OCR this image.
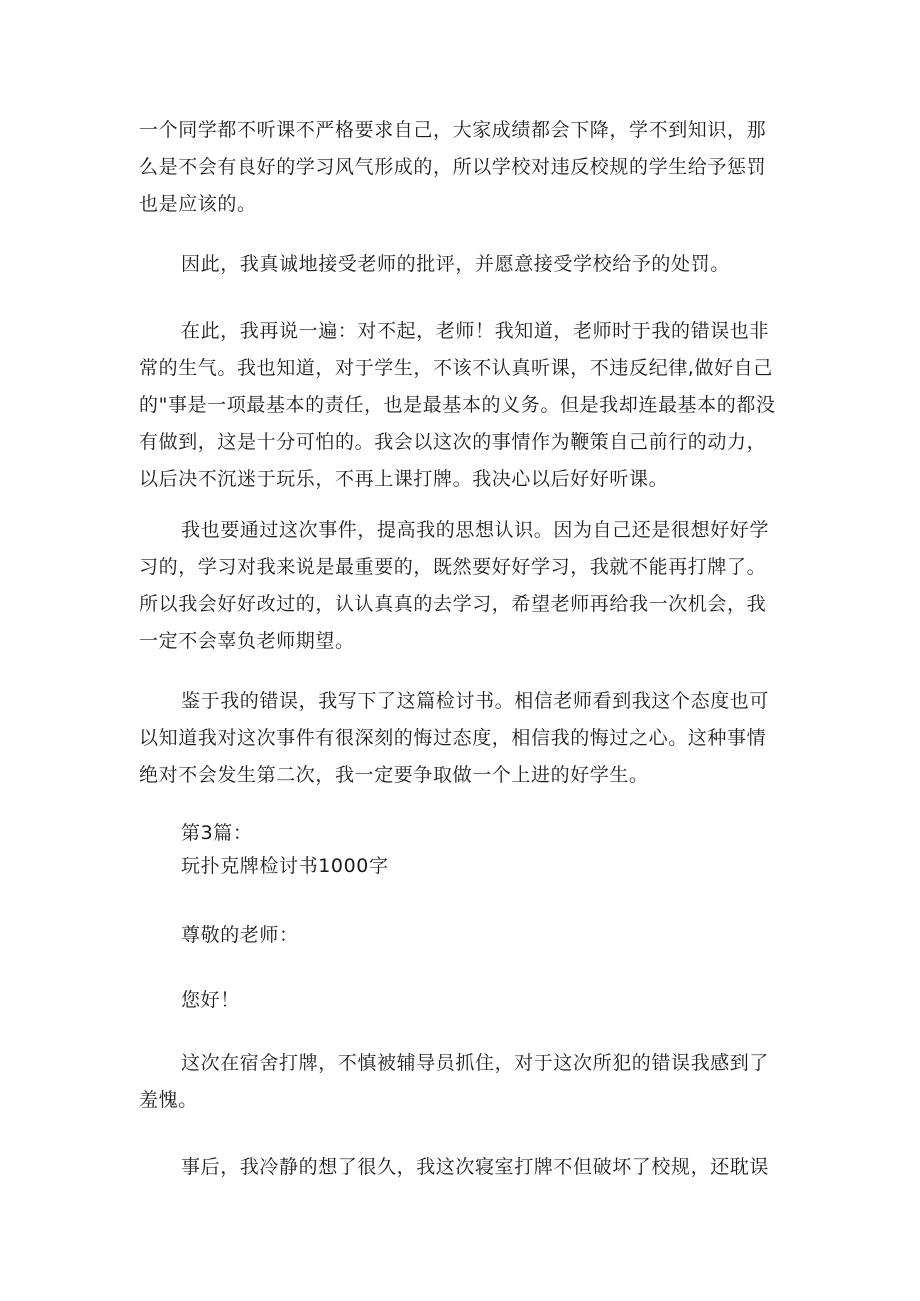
一个同学都不听课不严格要求自己，大家成绩都会下降，学不到知识，那
么是不会有良好的学习风气形成的，所以学校对违反校规的学生给予惩罚
也是应该的。

因此，我真诚地接受老师的批评，并愿意接受学校给予的处罚。

在此，我再说一遍：对不起，老师！我知道，老师时于我的错误也非
常的生气。我也知道，对于学生，不该不认真听课，不违反纪律,做好自己
的"事是一项最基本的责任，也是最基本的义务。但是我却连最基本的都没
有做到，这是十分可怕的。我会以这次的事情作为鞭策自己前行的动力，
以后决不沉迷于玩乐，不再上课打牌。我决心以后好好听课。

我也要通过这次事件，提高我的思想认识。因为自己还是很想好好学
习的，学习对我来说是最重要的，既然要好好学习，我就不能再打牌了。
所以我会好好改过的，认认真真的去学习，希望老师再给我一次机会，我
一定不会辜负老师期望。

鉴于我的错误，我写下了这篇检讨书。相信老师看到我这个态度也可
以知道我对这次事件有很深刻的悔过态度，相信我的悔过之心。这种事情
绝对不会发生第二次，我一定要争取做一个上进的好学生。

第3篇：
玩扑克牌检讨书1000字
尊敬的老师：
您好！

这次在宿舍打牌，不慎被辅导员抓住，对于这次所犯的错误我感到了
羞愧。

事后，我冷静的想了很久，我这次寝室打牌不但破坏了校规，还耽误
